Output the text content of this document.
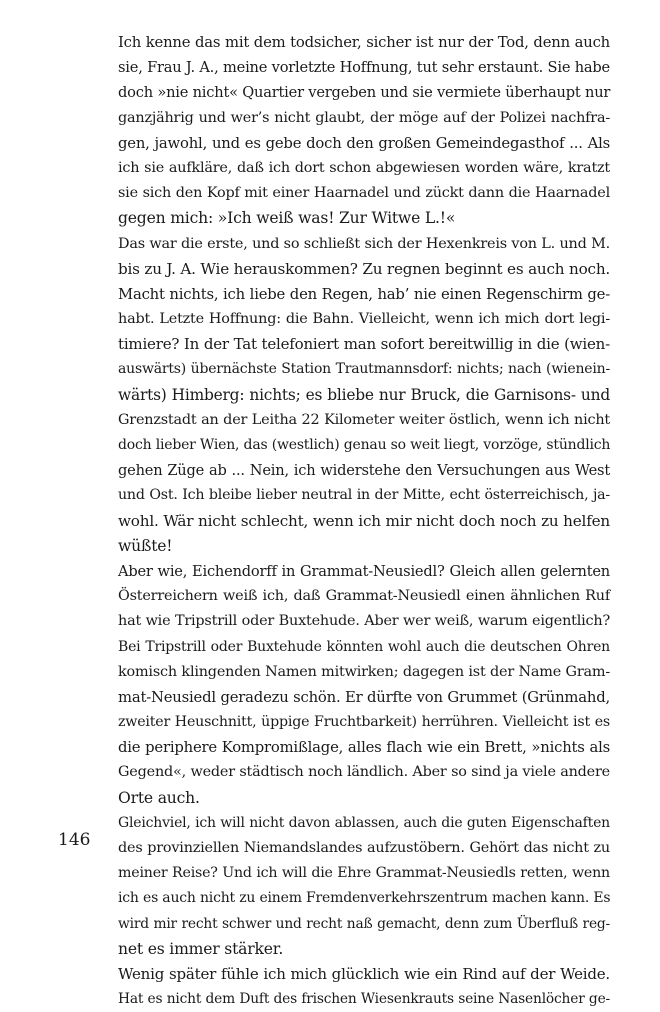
Ich kenne das mit dem todsicher, sicher ist nur der Tod, denn auch
sie, Frau J. A., meine vorletzte Hoffnung, tut sehr erstaunt. Sie habe
doch »nie nicht« Quartier vergeben und sie vermiete überhaupt nur
ganzjährig und wer’s nicht glaubt, der möge auf der Polizei nachfra-
gen, jawohl, und es gebe doch den großen Gemeindegasthof ... Als
ich sie aufkläre, daß ich dort schon abgewiesen worden wäre, kratzt
sie sich den Kopf mit einer Haarnadel und zückt dann die Haarnadel
gegen mich: »Ich weiß was! Zur Witwe L.!«
Das war die erste, und so schließt sich der Hexenkreis von L. und M.
bis zu J. A. Wie herauskommen? Zu regnen beginnt es auch noch.
Macht nichts, ich liebe den Regen, hab’ nie einen Regenschirm ge-
habt. Letzte Hoffnung: die Bahn. Vielleicht, wenn ich mich dort legi-
timiere? In der Tat telefoniert man sofort bereitwillig in die (wien-
auswärts) übernächste Station Trautmannsdorf: nichts; nach (wienein-
wärts) Himberg: nichts; es bliebe nur Bruck, die Garnisons- und
Grenzstadt an der Leitha 22 Kilometer weiter östlich, wenn ich nicht
doch lieber Wien, das (westlich) genau so weit liegt, vorzöge, stündlich
gehen Züge ab ... Nein, ich widerstehe den Versuchungen aus West
und Ost. Ich bleibe lieber neutral in der Mitte, echt österreichisch, ja-
wohl. Wär nicht schlecht, wenn ich mir nicht doch noch zu helfen
wüßte!
Aber wie, Eichendorff in Grammat-Neusiedl? Gleich allen gelernten
Österreichern weiß ich, daß Grammat-Neusiedl einen ähnlichen Ruf
hat wie Tripstrill oder Buxtehude. Aber wer weiß, warum eigentlich?
Bei Tripstrill oder Buxtehude könnten wohl auch die deutschen Ohren
komisch klingenden Namen mitwirken; dagegen ist der Name Gram-
mat-Neusiedl geradezu schön. Er dürfte von Grummet (Grünmahd,
zweiter Heuschnitt, üppige Fruchtbarkeit) herrühren. Vielleicht ist es
die periphere Kompromißlage, alles flach wie ein Brett, »nichts als
Gegend«, weder städtisch noch ländlich. Aber so sind ja viele andere
Orte auch.
Gleichviel, ich will nicht davon ablassen, auch die guten Eigenschaften
des provinziellen Niemandslandes aufzustöbern. Gehört das nicht zu
meiner Reise? Und ich will die Ehre Grammat-Neusiedls retten, wenn
ich es auch nicht zu einem Fremdenverkehrszentrum machen kann. Es
wird mir recht schwer und recht naß gemacht, denn zum Überfluß reg-
net es immer stärker.
Wenig später fühle ich mich glücklich wie ein Rind auf der Weide.
Hat es nicht dem Duft des frischen Wiesenkrauts seine Nasenlöcher ge-
146
